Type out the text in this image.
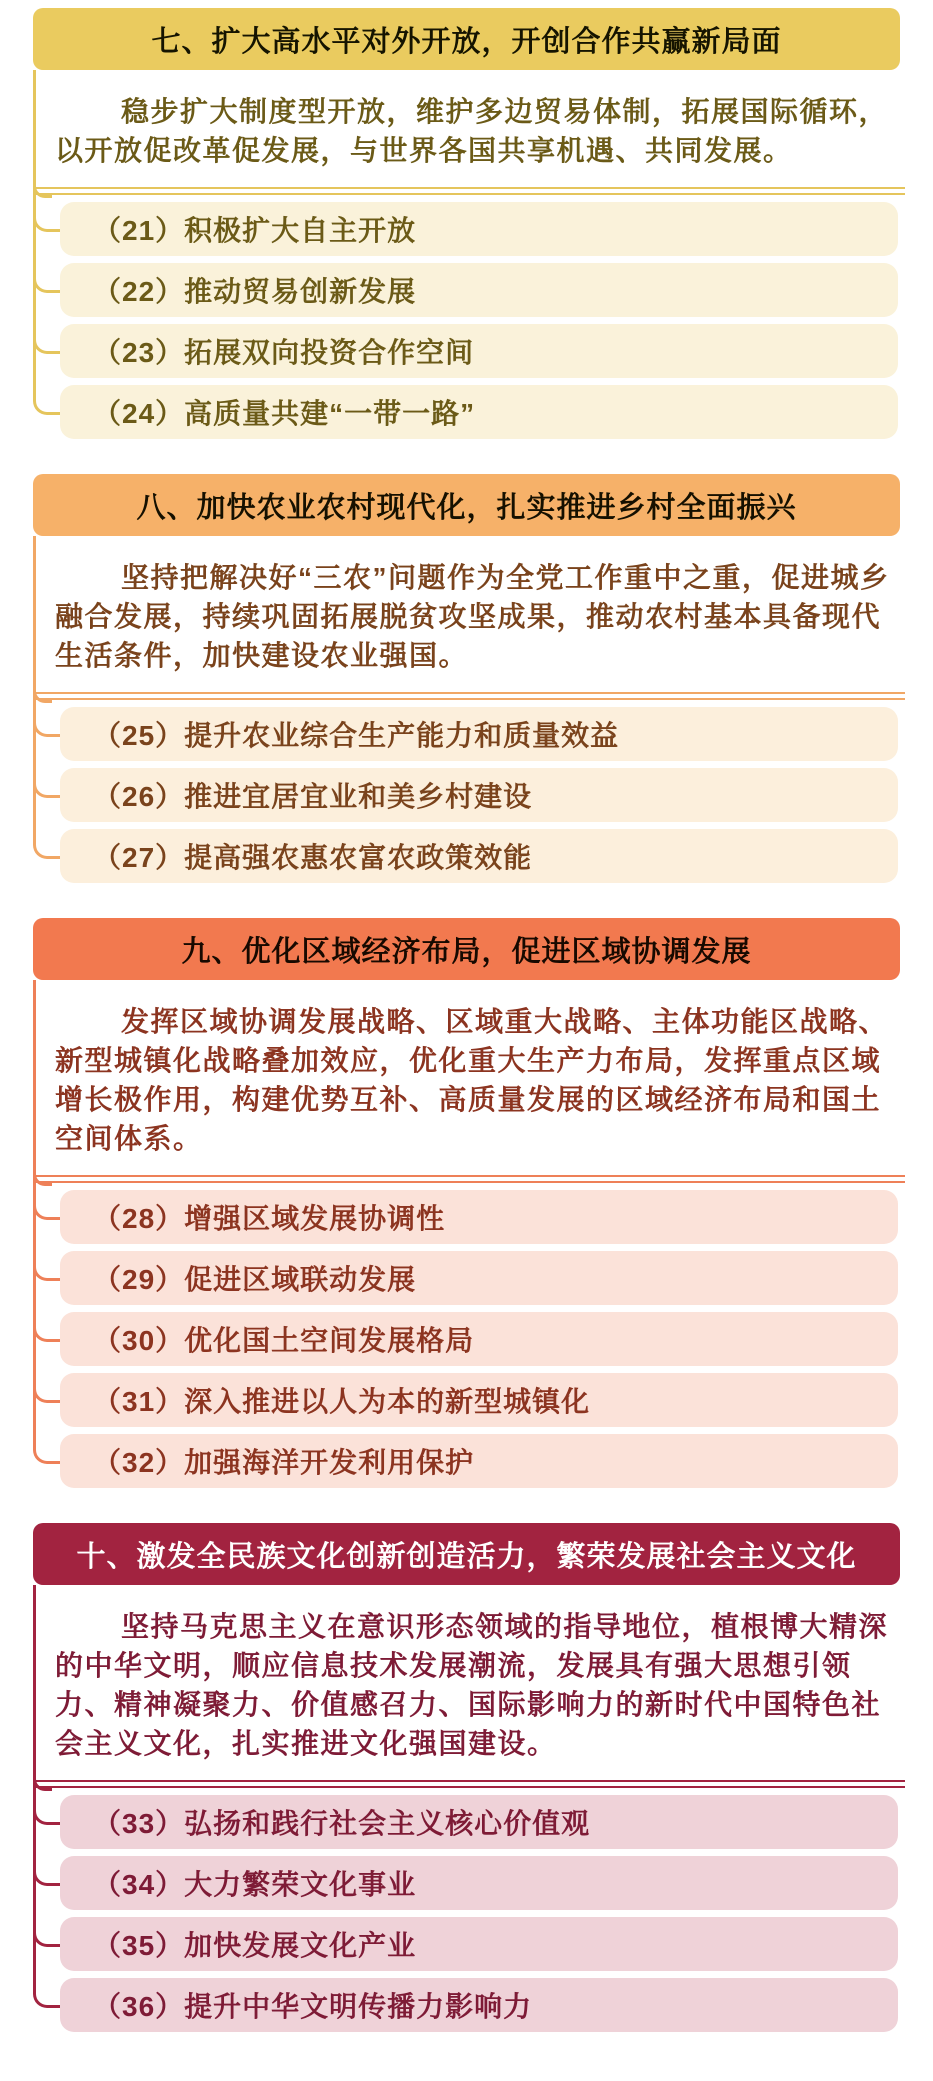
七、扩大高水平对外开放，开创合作共赢新局面

稳步扩大制度型开放，维护多边贸易体制，拓展国际循环，以开放促改革促发展，与世界各国共享机遇、共同发展。

（21）积极扩大自主开放
（22）推动贸易创新发展
（23）拓展双向投资合作空间
（24）高质量共建“一带一路”
八、加快农业农村现代化，扎实推进乡村全面振兴

坚持把解决好“三农”问题作为全党工作重中之重，促进城乡融合发展，持续巩固拓展脱贫攻坚成果，推动农村基本具备现代生活条件，加快建设农业强国。

（25）提升农业综合生产能力和质量效益
（26）推进宜居宜业和美乡村建设
（27）提高强农惠农富农政策效能
九、优化区域经济布局，促进区域协调发展

发挥区域协调发展战略、区域重大战略、主体功能区战略、新型城镇化战略叠加效应，优化重大生产力布局，发挥重点区域增长极作用，构建优势互补、高质量发展的区域经济布局和国土空间体系。

（28）增强区域发展协调性
（29）促进区域联动发展
（30）优化国土空间发展格局
（31）深入推进以人为本的新型城镇化
（32）加强海洋开发利用保护
十、激发全民族文化创新创造活力，繁荣发展社会主义文化

坚持马克思主义在意识形态领域的指导地位，植根博大精深的中华文明，顺应信息技术发展潮流，发展具有强大思想引领力、精神凝聚力、价值感召力、国际影响力的新时代中国特色社会主义文化，扎实推进文化强国建设。

（33）弘扬和践行社会主义核心价值观
（34）大力繁荣文化事业
（35）加快发展文化产业
（36）提升中华文明传播力影响力
